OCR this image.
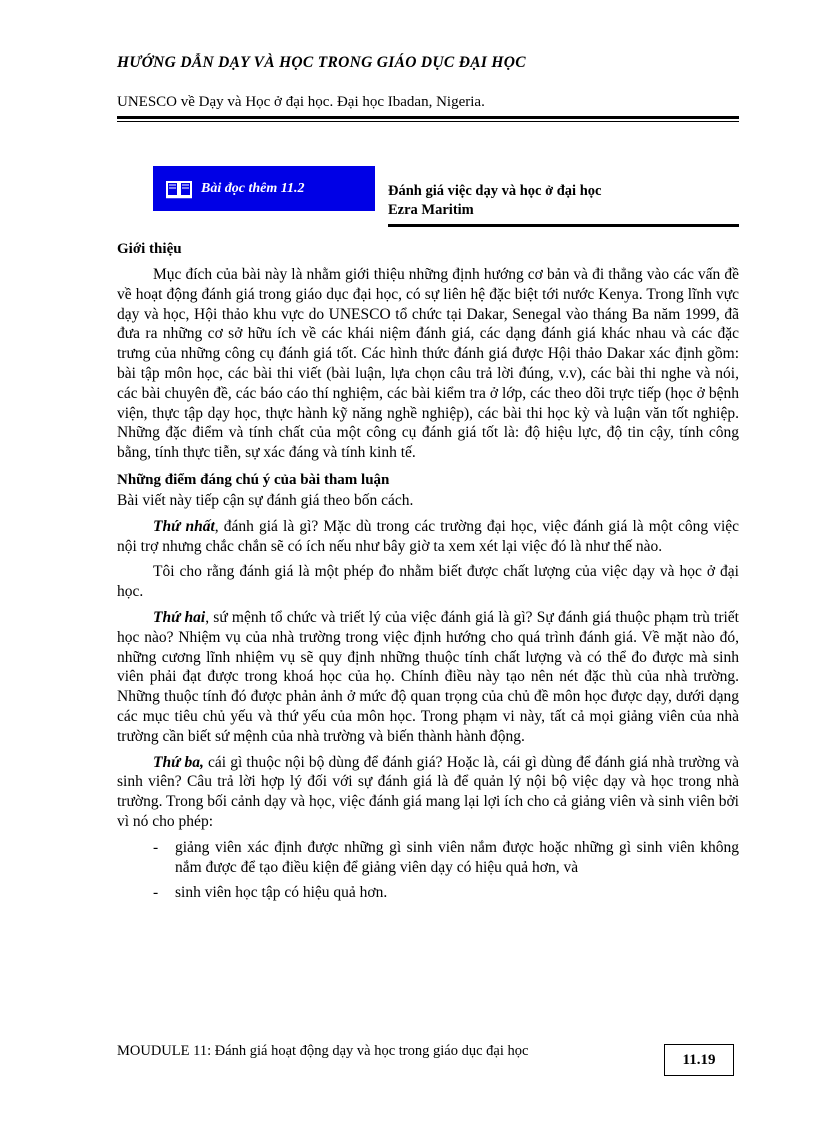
HƯỚNG DẪN DẠY VÀ HỌC TRONG GIÁO DỤC ĐẠI HỌC
UNESCO về Dạy và Học ở đại học. Đại học Ibadan, Nigeria.
Bài đọc thêm 11.2	Đánh giá việc dạy và học ở đại học
Ezra Maritim
Giới thiệu

Mục đích của bài này là nhằm giới thiệu những định hướng cơ bản và đi thẳng vào các vấn đề về hoạt động đánh giá trong giáo dục đại học, có sự liên hệ đặc biệt tới nước Kenya. Trong lĩnh vực dạy và học, Hội thảo khu vực do UNESCO tổ chức tại Dakar, Senegal vào tháng Ba năm 1999, đã đưa ra những cơ sở hữu ích về các khái niệm đánh giá, các dạng đánh giá khác nhau và các đặc trưng của những công cụ đánh giá tốt. Các hình thức đánh giá được Hội thảo Dakar xác định gồm: bài tập môn học, các bài thi viết (bài luận, lựa chọn câu trả lời đúng, v.v), các bài thi nghe và nói, các bài chuyên đề, các báo cáo thí nghiệm, các bài kiểm tra ở lớp, các theo dõi trực tiếp (học ở bệnh viện, thực tập dạy học, thực hành kỹ năng nghề nghiệp), các bài thi học kỳ và luận văn tốt nghiệp. Những đặc điểm và tính chất của một công cụ đánh giá tốt là: độ hiệu lực, độ tin cậy, tính công bằng, tính thực tiễn, sự xác đáng và tính kinh tế.

Những điểm đáng chú ý của bài tham luận

Bài viết này tiếp cận sự đánh giá theo bốn cách.

Thứ nhất, đánh giá là gì? Mặc dù trong các trường đại học, việc đánh giá là một công việc nội trợ nhưng chắc chắn sẽ có ích nếu như bây giờ ta xem xét lại việc đó là như thế nào.

Tôi cho rằng đánh giá là một phép đo nhằm biết được chất lượng của việc dạy và học ở đại học.

Thứ hai, sứ mệnh tổ chức và triết lý của việc đánh giá là gì? Sự đánh giá thuộc phạm trù triết học nào? Nhiệm vụ của nhà trường trong việc định hướng cho quá trình đánh giá. Về mặt nào đó, những cương lĩnh nhiệm vụ sẽ quy định những thuộc tính chất lượng và có thể đo được mà sinh viên phải đạt được trong khoá học của họ. Chính điều này tạo nên nét đặc thù của nhà trường. Những thuộc tính đó được phản ảnh ở mức độ quan trọng của chủ đề môn học được dạy, dưới dạng các mục tiêu chủ yếu và thứ yếu của môn học. Trong phạm vi này, tất cả mọi giảng viên của nhà trường cần biết sứ mệnh của nhà trường và biến thành hành động.

Thứ ba, cái gì thuộc nội bộ dùng để đánh giá? Hoặc là, cái gì dùng để đánh giá nhà trường và sinh viên? Câu trả lời hợp lý đối với sự đánh giá là để quản lý nội bộ việc dạy và học trong nhà trường. Trong bối cảnh dạy và học, việc đánh giá mang lại lợi ích cho cả giảng viên và sinh viên bởi vì nó cho phép:

- giảng viên xác định được những gì sinh viên nắm được hoặc những gì sinh viên không nắm được để tạo điều kiện để giảng viên dạy có hiệu quả hơn, và
- sinh viên học tập có hiệu quả hơn.
MOUDULE 11: Đánh giá hoạt động dạy và học trong giáo dục đại học
11.19
